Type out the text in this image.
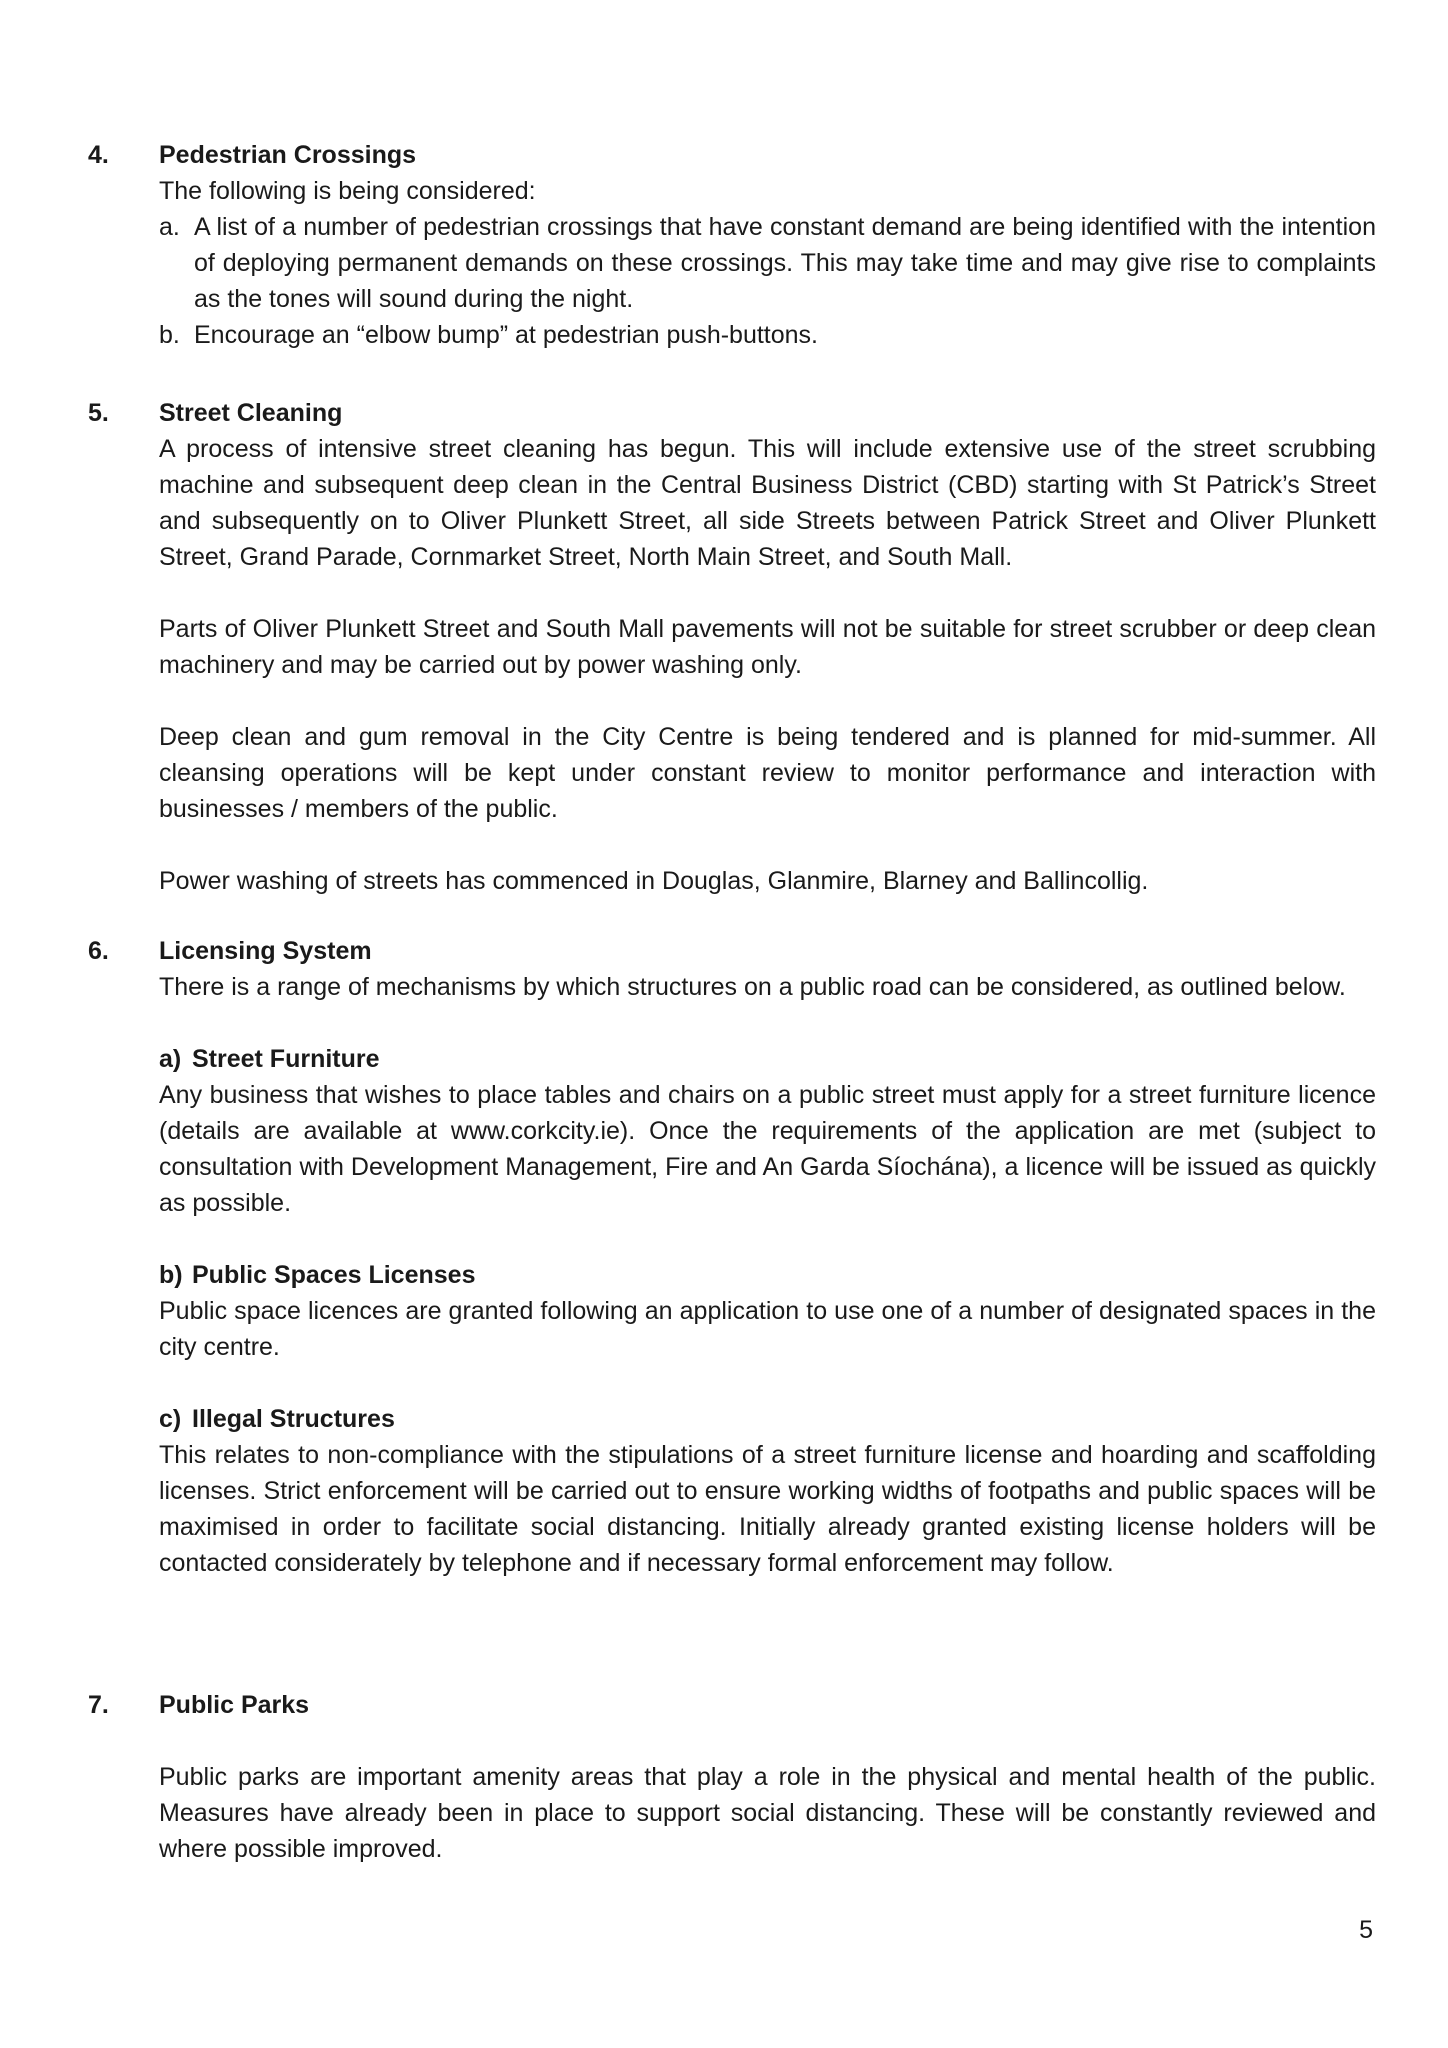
4. Pedestrian Crossings

The following is being considered:

a. A list of a number of pedestrian crossings that have constant demand are being identified with the intention of deploying permanent demands on these crossings. This may take time and may give rise to complaints as the tones will sound during the night.
b. Encourage an “elbow bump” at pedestrian push-buttons.
5. Street Cleaning

A process of intensive street cleaning has begun. This will include extensive use of the street scrubbing machine and subsequent deep clean in the Central Business District (CBD) starting with St Patrick’s Street and subsequently on to Oliver Plunkett Street, all side Streets between Patrick Street and Oliver Plunkett Street, Grand Parade, Cornmarket Street, North Main Street, and South Mall.

Parts of Oliver Plunkett Street and South Mall pavements will not be suitable for street scrubber or deep clean machinery and may be carried out by power washing only.

Deep clean and gum removal in the City Centre is being tendered and is planned for mid-summer. All cleansing operations will be kept under constant review to monitor performance and interaction with businesses / members of the public.

Power washing of streets has commenced in Douglas, Glanmire, Blarney and Ballincollig.

6. Licensing System

There is a range of mechanisms by which structures on a public road can be considered, as outlined below.

a) Street Furniture

Any business that wishes to place tables and chairs on a public street must apply for a street furniture licence (details are available at www.corkcity.ie). Once the requirements of the application are met (subject to consultation with Development Management, Fire and An Garda Síochána), a licence will be issued as quickly as possible.

b) Public Spaces Licenses

Public space licences are granted following an application to use one of a number of designated spaces in the city centre.

c) Illegal Structures

This relates to non-compliance with the stipulations of a street furniture license and hoarding and scaffolding licenses. Strict enforcement will be carried out to ensure working widths of footpaths and public spaces will be maximised in order to facilitate social distancing. Initially already granted existing license holders will be contacted considerately by telephone and if necessary formal enforcement may follow.

7. Public Parks

Public parks are important amenity areas that play a role in the physical and mental health of the public. Measures have already been in place to support social distancing. These will be constantly reviewed and where possible improved.

5
